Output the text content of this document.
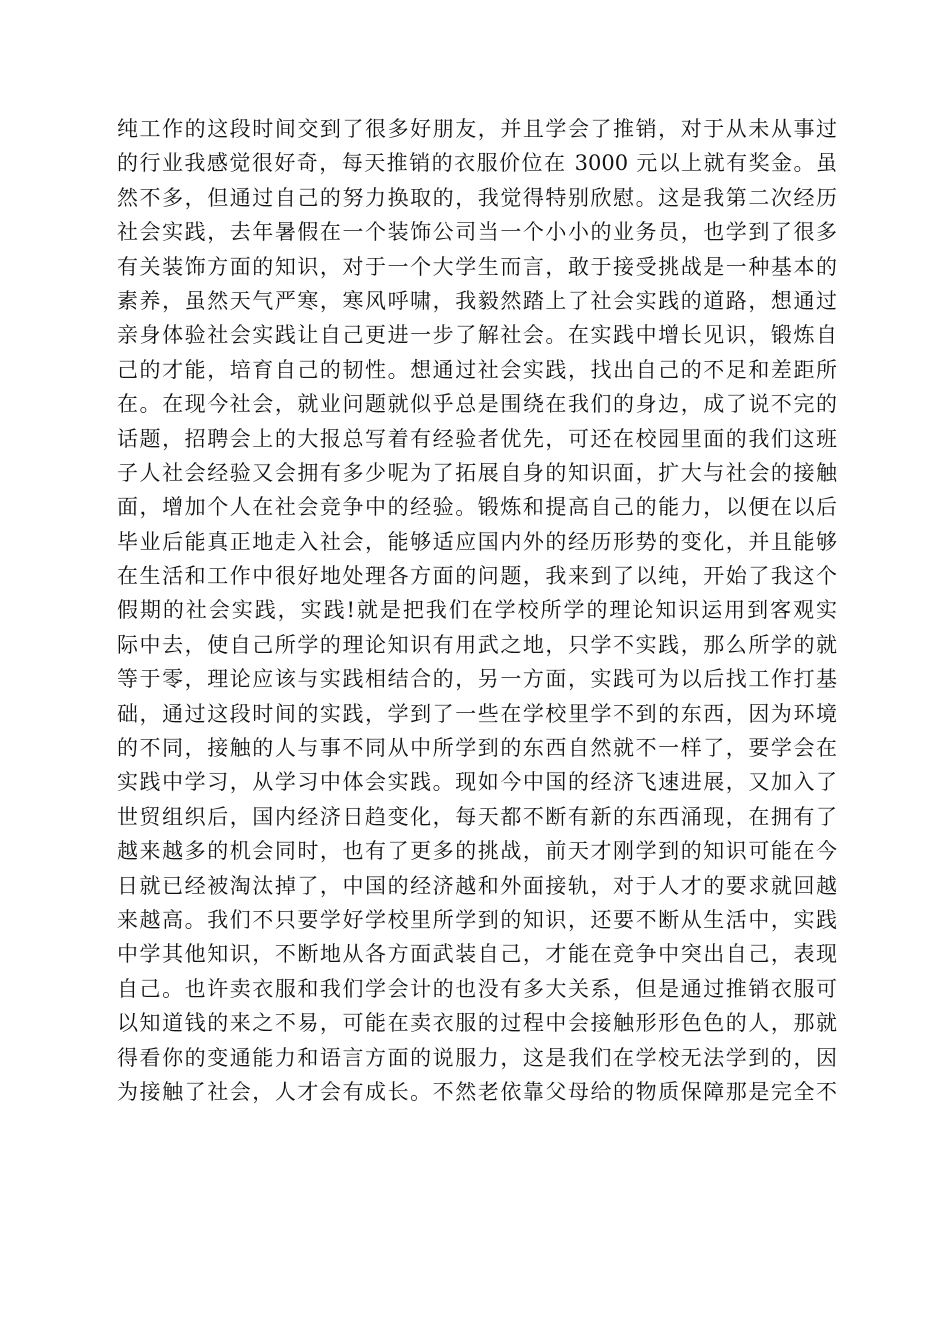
纯工作的这段时间交到了很多好朋友，并且学会了推销，对于从未从事过
的行业我感觉很好奇，每天推销的衣服价位在 3000 元以上就有奖金。虽
然不多，但通过自己的努力换取的，我觉得特别欣慰。这是我第二次经历
社会实践，去年暑假在一个装饰公司当一个小小的业务员，也学到了很多
有关装饰方面的知识，对于一个大学生而言，敢于接受挑战是一种基本的
素养，虽然天气严寒，寒风呼啸，我毅然踏上了社会实践的道路，想通过
亲身体验社会实践让自己更进一步了解社会。在实践中增长见识，锻炼自
己的才能，培育自己的韧性。想通过社会实践，找出自己的不足和差距所
在。在现今社会，就业问题就似乎总是围绕在我们的身边，成了说不完的
话题，招聘会上的大报总写着有经验者优先，可还在校园里面的我们这班
子人社会经验又会拥有多少呢为了拓展自身的知识面，扩大与社会的接触
面，增加个人在社会竞争中的经验。锻炼和提高自己的能力，以便在以后
毕业后能真正地走入社会，能够适应国内外的经历形势的变化，并且能够
在生活和工作中很好地处理各方面的问题，我来到了以纯，开始了我这个
假期的社会实践，实践!就是把我们在学校所学的理论知识运用到客观实
际中去，使自己所学的理论知识有用武之地，只学不实践，那么所学的就
等于零，理论应该与实践相结合的，另一方面，实践可为以后找工作打基
础，通过这段时间的实践，学到了一些在学校里学不到的东西，因为环境
的不同，接触的人与事不同从中所学到的东西自然就不一样了，要学会在
实践中学习，从学习中体会实践。现如今中国的经济飞速进展，又加入了
世贸组织后，国内经济日趋变化，每天都不断有新的东西涌现，在拥有了
越来越多的机会同时，也有了更多的挑战，前天才刚学到的知识可能在今
日就已经被淘汰掉了，中国的经济越和外面接轨，对于人才的要求就回越
来越高。我们不只要学好学校里所学到的知识，还要不断从生活中，实践
中学其他知识，不断地从各方面武装自己，才能在竞争中突出自己，表现
自己。也许卖衣服和我们学会计的也没有多大关系，但是通过推销衣服可
以知道钱的来之不易，可能在卖衣服的过程中会接触形形色色的人，那就
得看你的变通能力和语言方面的说服力，这是我们在学校无法学到的，因
为接触了社会，人才会有成长。不然老依靠父母给的物质保障那是完全不
